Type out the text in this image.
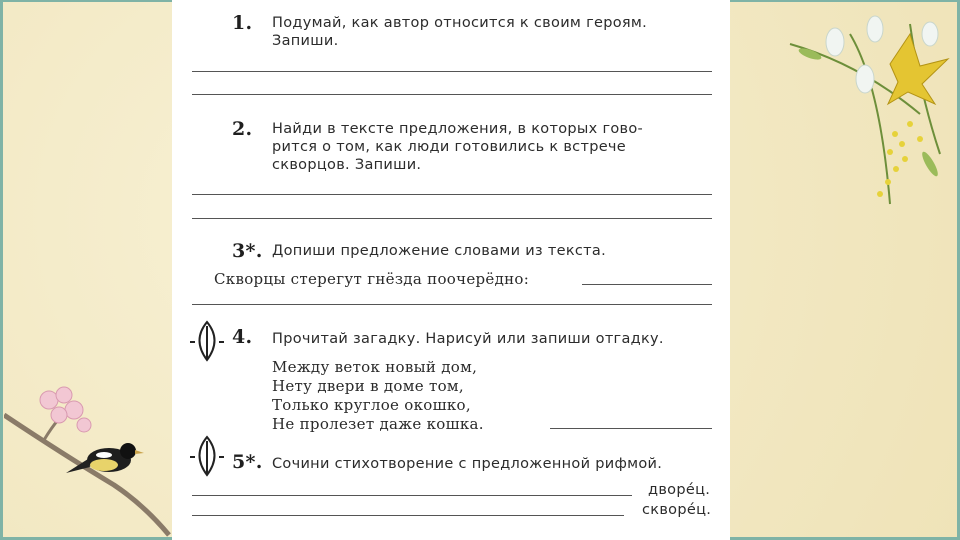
1. Подумай, как автор относится к своим героям.
Запиши.
2. Найди в тексте предложения, в которых гово-
рится о том, как люди готовились к встрече
скворцов. Запиши.
3*. Допиши предложение словами из текста.
Скворцы стерегут гнёзда поочерёдно:
4. Прочитай загадку. Нарисуй или запиши отгадку.
Между веток новый дом,
Нету двери в доме том,
Только круглое окошко,
Не пролезет даже кошка.
5*. Сочини стихотворение с предложенной рифмой.
дворéц.
скворéц.
